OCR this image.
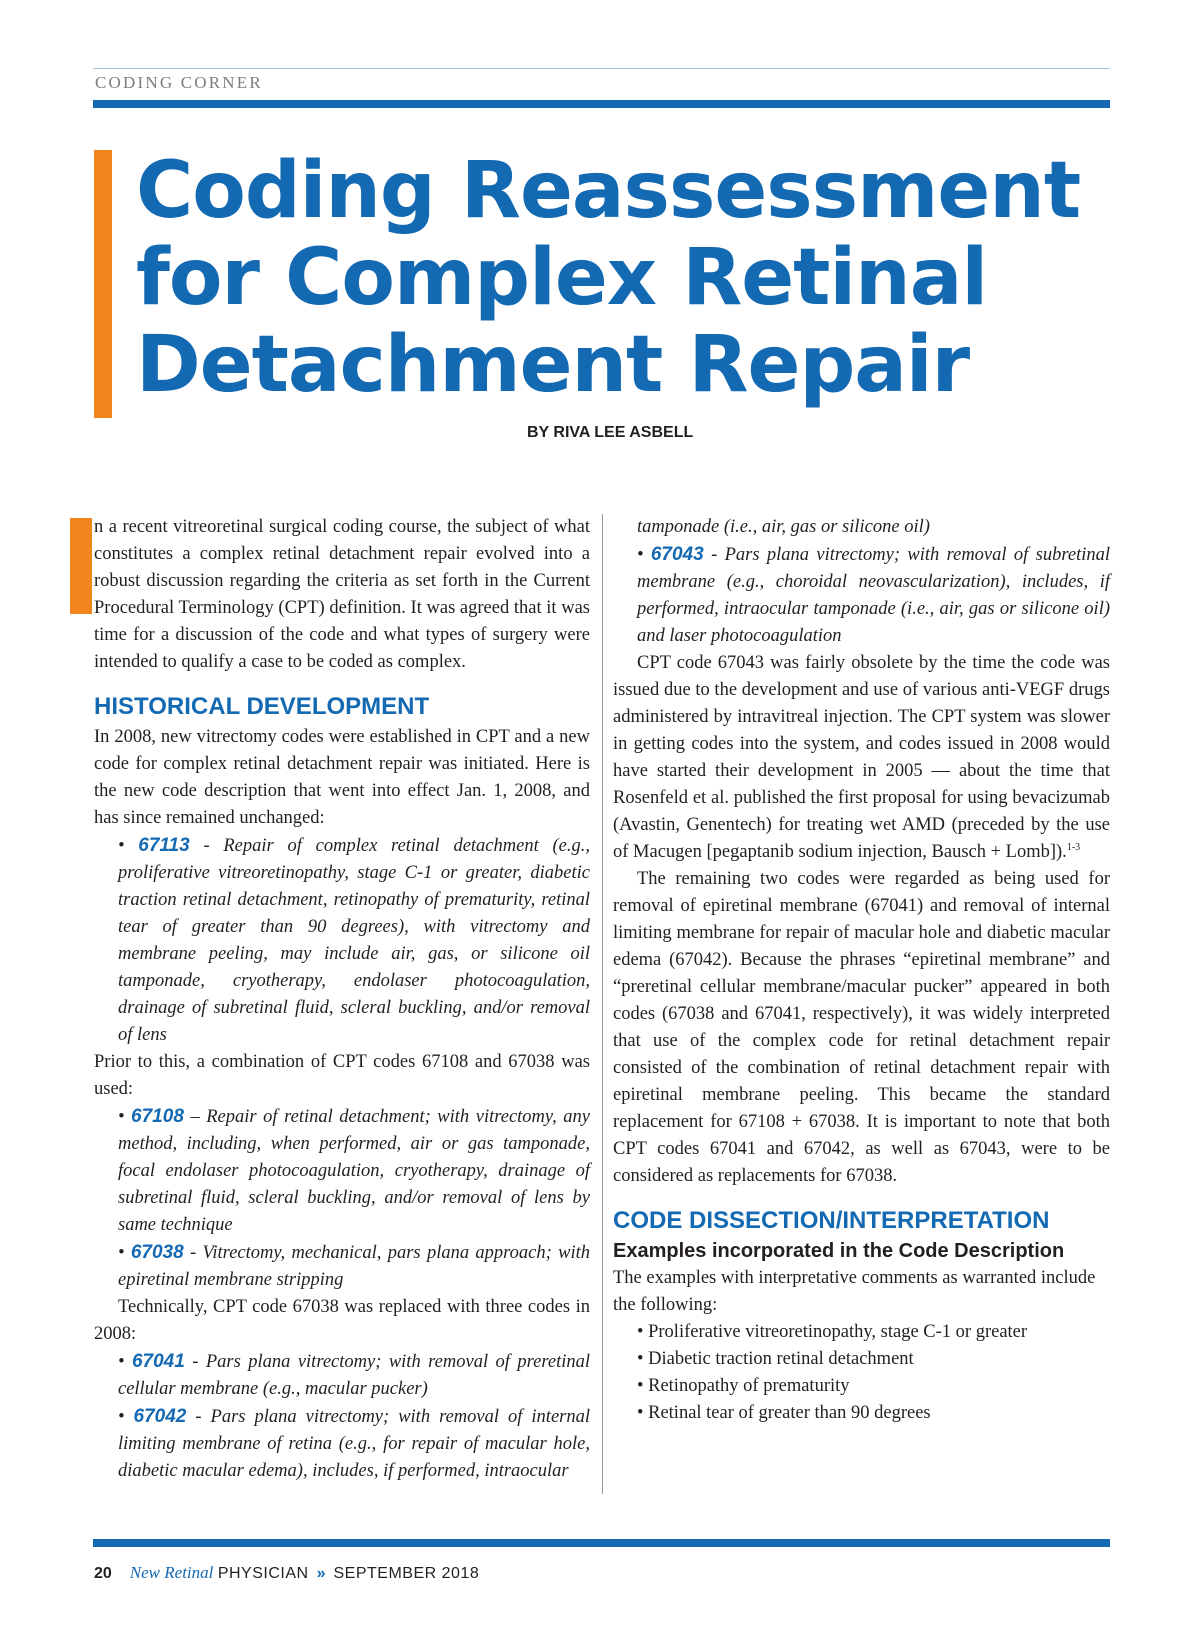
CODING CORNER
Coding Reassessment
for Complex Retinal
Detachment Repair
BY RIVA LEE ASBELL

n a recent vitreoretinal surgical coding course, the subject of what constitutes a complex retinal detachment repair evolved into a robust discussion regarding the criteria as set forth in the Current Procedural Terminology (CPT) definition. It was agreed that it was time for a discussion of the code and what types of surgery were intended to qualify a case to be coded as complex.

HISTORICAL DEVELOPMENT

In 2008, new vitrectomy codes were established in CPT and a new code for complex retinal detachment repair was initiated. Here is the new code description that went into effect Jan. 1, 2008, and has since remained unchanged:

• 67113 - Repair of complex retinal detachment (e.g., proliferative vitreoretinopathy, stage C-1 or greater, diabetic traction retinal detachment, retinopathy of prematurity, retinal tear of greater than 90 degrees), with vitrectomy and membrane peeling, may include air, gas, or silicone oil tamponade, cryotherapy, endolaser photocoagulation, drainage of subretinal fluid, scleral buckling, and/or removal of lens

Prior to this, a combination of CPT codes 67108 and 67038 was used:

• 67108 – Repair of retinal detachment; with vitrectomy, any method, including, when performed, air or gas tamponade, focal endolaser photocoagulation, cryotherapy, drainage of subretinal fluid, scleral buckling, and/or removal of lens by same technique

• 67038 - Vitrectomy, mechanical, pars plana approach; with epiretinal membrane stripping

Technically, CPT code 67038 was replaced with three codes in 2008:

• 67041 - Pars plana vitrectomy; with removal of preretinal cellular membrane (e.g., macular pucker)

• 67042 - Pars plana vitrectomy; with removal of internal limiting membrane of retina (e.g., for repair of macular hole, diabetic macular edema), includes, if performed, intraocular

tamponade (i.e., air, gas or silicone oil)

• 67043 - Pars plana vitrectomy; with removal of subretinal membrane (e.g., choroidal neovascularization), includes, if performed, intraocular tamponade (i.e., air, gas or silicone oil) and laser photocoagulation

CPT code 67043 was fairly obsolete by the time the code was issued due to the development and use of various anti-VEGF drugs administered by intravitreal injection. The CPT system was slower in getting codes into the system, and codes issued in 2008 would have started their development in 2005 — about the time that Rosenfeld et al. published the first proposal for using bevacizumab (Avastin, Genentech) for treating wet AMD (preceded by the use of Macugen [pegaptanib sodium injection, Bausch + Lomb]).$^{1-3}$

The remaining two codes were regarded as being used for removal of epiretinal membrane (67041) and removal of internal limiting membrane for repair of macular hole and diabetic macular edema (67042). Because the phrases “epiretinal membrane” and “preretinal cellular membrane/macular pucker” appeared in both codes (67038 and 67041, respectively), it was widely interpreted that use of the complex code for retinal detachment repair consisted of the combination of retinal detachment repair with epiretinal membrane peeling. This became the standard replacement for 67108 + 67038. It is important to note that both CPT codes 67041 and 67042, as well as 67043, were to be considered as replacements for 67038.

CODE DISSECTION/INTERPRETATION
Examples incorporated in the Code Description

The examples with interpretative comments as warranted include the following:

• Proliferative vitreoretinopathy, stage C-1 or greater
• Diabetic traction retinal detachment
• Retinopathy of prematurity
• Retinal tear of greater than 90 degrees
20 New Retinal PHYSICIAN » SEPTEMBER 2018
